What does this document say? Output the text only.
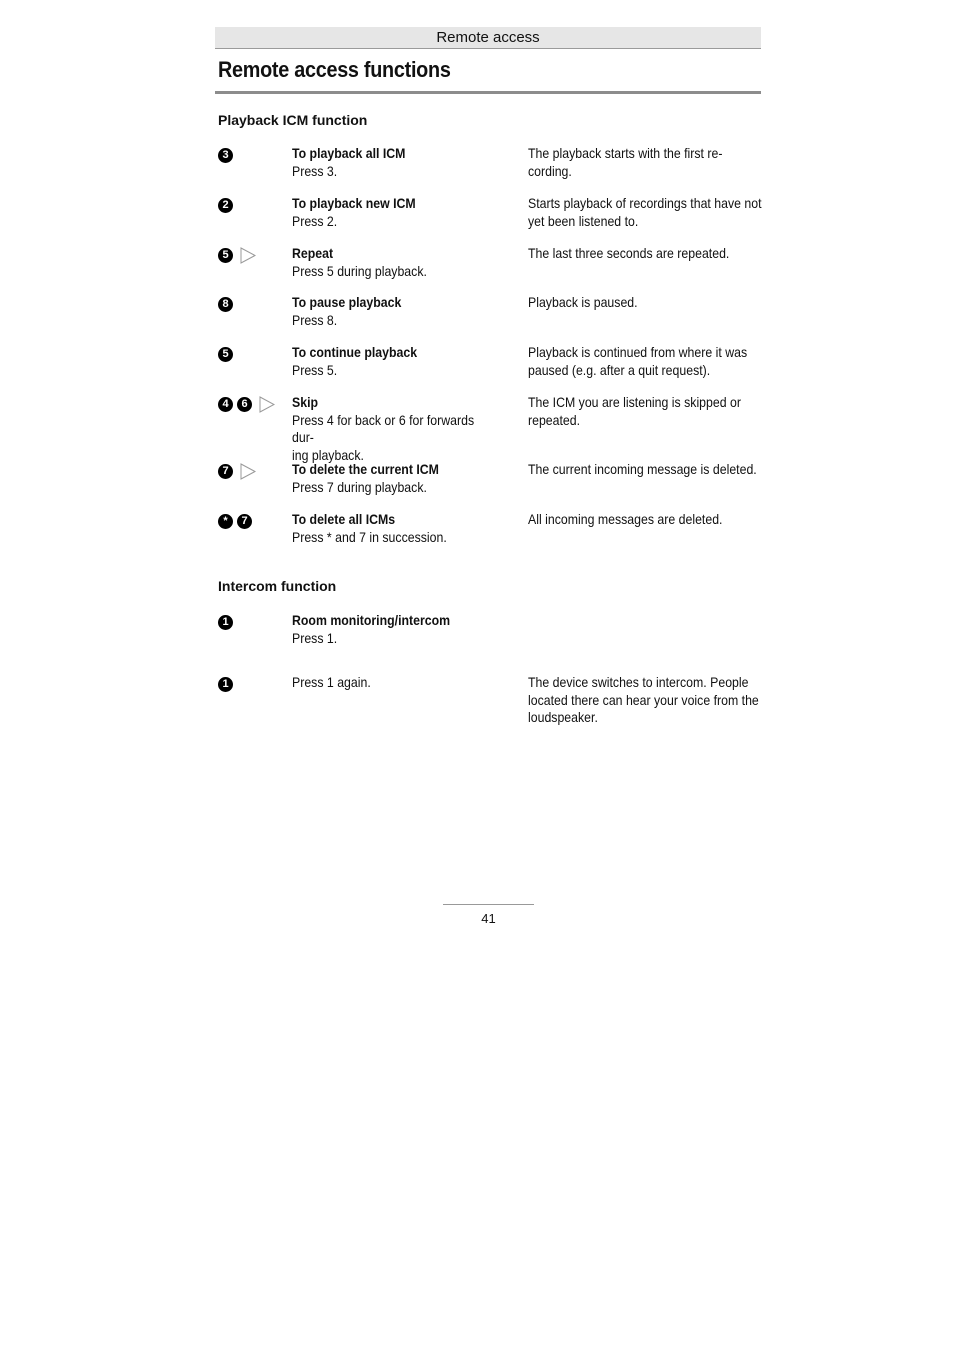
Remote access
Remote access functions
Playback ICM function
3	To playback all ICM
Press 3.
The playback starts with the first re-
cording.
2	To playback new ICM
Press 2.
Starts playback of recordings that have not
yet been listened to.
5	Repeat
Press 5 during playback.
The last three seconds are repeated.
8	To pause playback
Press 8.
Playback is paused.
5	To continue playback
Press 5.
Playback is continued from where it was
paused (e.g. after a quit request).
4	6	Skip
Press 4 for back or 6 for forwards dur-
ing playback.
The ICM you are listening is skipped or
repeated.
7	To delete the current ICM
Press 7 during playback.
The current incoming message is deleted.
*	7	To delete all ICMs
Press * and 7 in succession.
All incoming messages are deleted.
Intercom function
1	Room monitoring/intercom
Press 1.
1	Press 1 again.	The device switches to intercom. People
located there can hear your voice from the
loudspeaker.
41
